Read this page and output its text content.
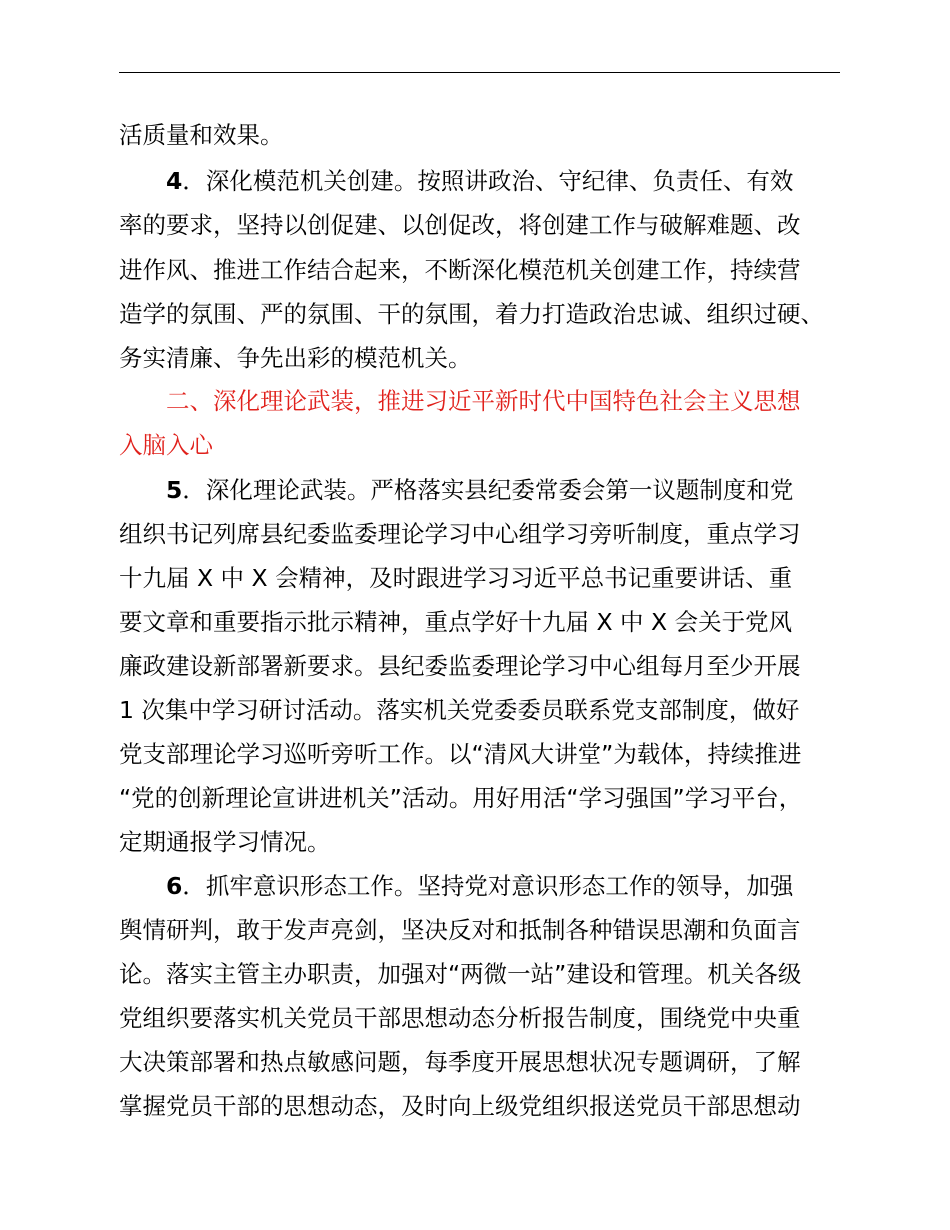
活质量和效果。
4．深化模范机关创建。按照讲政治、守纪律、负责任、有效
率的要求，坚持以创促建、以创促改，将创建工作与破解难题、改
进作风、推进工作结合起来，不断深化模范机关创建工作，持续营
造学的氛围、严的氛围、干的氛围，着力打造政治忠诚、组织过硬、
务实清廉、争先出彩的模范机关。
二、深化理论武装，推进习近平新时代中国特色社会主义思想
入脑入心
5．深化理论武装。严格落实县纪委常委会第一议题制度和党
组织书记列席县纪委监委理论学习中心组学习旁听制度，重点学习
十九届 X 中 X 会精神，及时跟进学习习近平总书记重要讲话、重
要文章和重要指示批示精神，重点学好十九届 X 中 X 会关于党风
廉政建设新部署新要求。县纪委监委理论学习中心组每月至少开展
1 次集中学习研讨活动。落实机关党委委员联系党支部制度，做好
党支部理论学习巡听旁听工作。以“清风大讲堂”为载体，持续推进
“党的创新理论宣讲进机关”活动。用好用活“学习强国”学习平台，
定期通报学习情况。
6．抓牢意识形态工作。坚持党对意识形态工作的领导，加强
舆情研判，敢于发声亮剑，坚决反对和抵制各种错误思潮和负面言
论。落实主管主办职责，加强对“两微一站”建设和管理。机关各级
党组织要落实机关党员干部思想动态分析报告制度，围绕党中央重
大决策部署和热点敏感问题，每季度开展思想状况专题调研，了解
掌握党员干部的思想动态，及时向上级党组织报送党员干部思想动
